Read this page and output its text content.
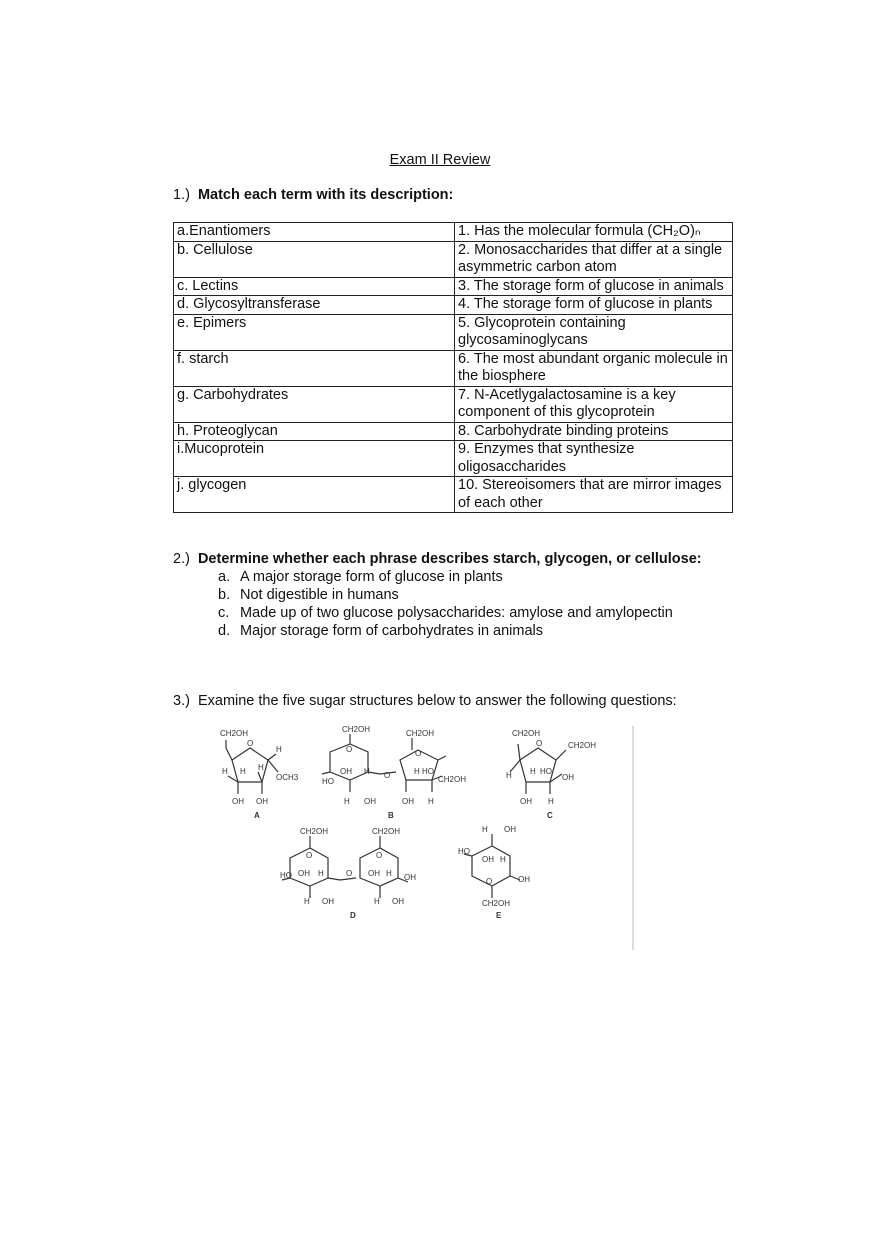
Exam II Review
1.) Match each term with its description:
a.Enantiomers	1. Has the molecular formula (CH₂O)ₙ
b. Cellulose	2. Monosaccharides that differ at a single asymmetric carbon atom
c. Lectins	3. The storage form of glucose in animals
d. Glycosyltransferase	4. The storage form of glucose in plants
e. Epimers	5. Glycoprotein containing glycosaminoglycans
f. starch	6. The most abundant organic molecule in the biosphere
g. Carbohydrates	7. N-Acetlygalactosamine is a key component of this glycoprotein
h. Proteoglycan	8. Carbohydrate binding proteins
i.Mucoprotein	9. Enzymes that synthesize oligosaccharides
j. glycogen	10. Stereoisomers that are mirror images of each other
2.) Determine whether each phrase describes starch, glycogen, or cellulose:
a. A major storage form of glucose in plants
b. Not digestible in humans
c. Made up of two glucose polysaccharides: amylose and amylopectin
d. Major storage form of carbohydrates in animals
3.) Examine the five sugar structures below to answer the following questions:
CH2OH
O
H
H H H
OCH3
OH OH
CH2OH	CH2OH
O	O
HO
OH H O	H HO
CH2OH
H OH	OH H
CH2OH
O	CH2OH
H H HO
OH
OH H
CH2OH	CH2OH
O	O
HO OH H	O OH H OH
H OH	H OH
H OH
HO
OH H
O	OH
CH2OH
A	B	C
D	E
